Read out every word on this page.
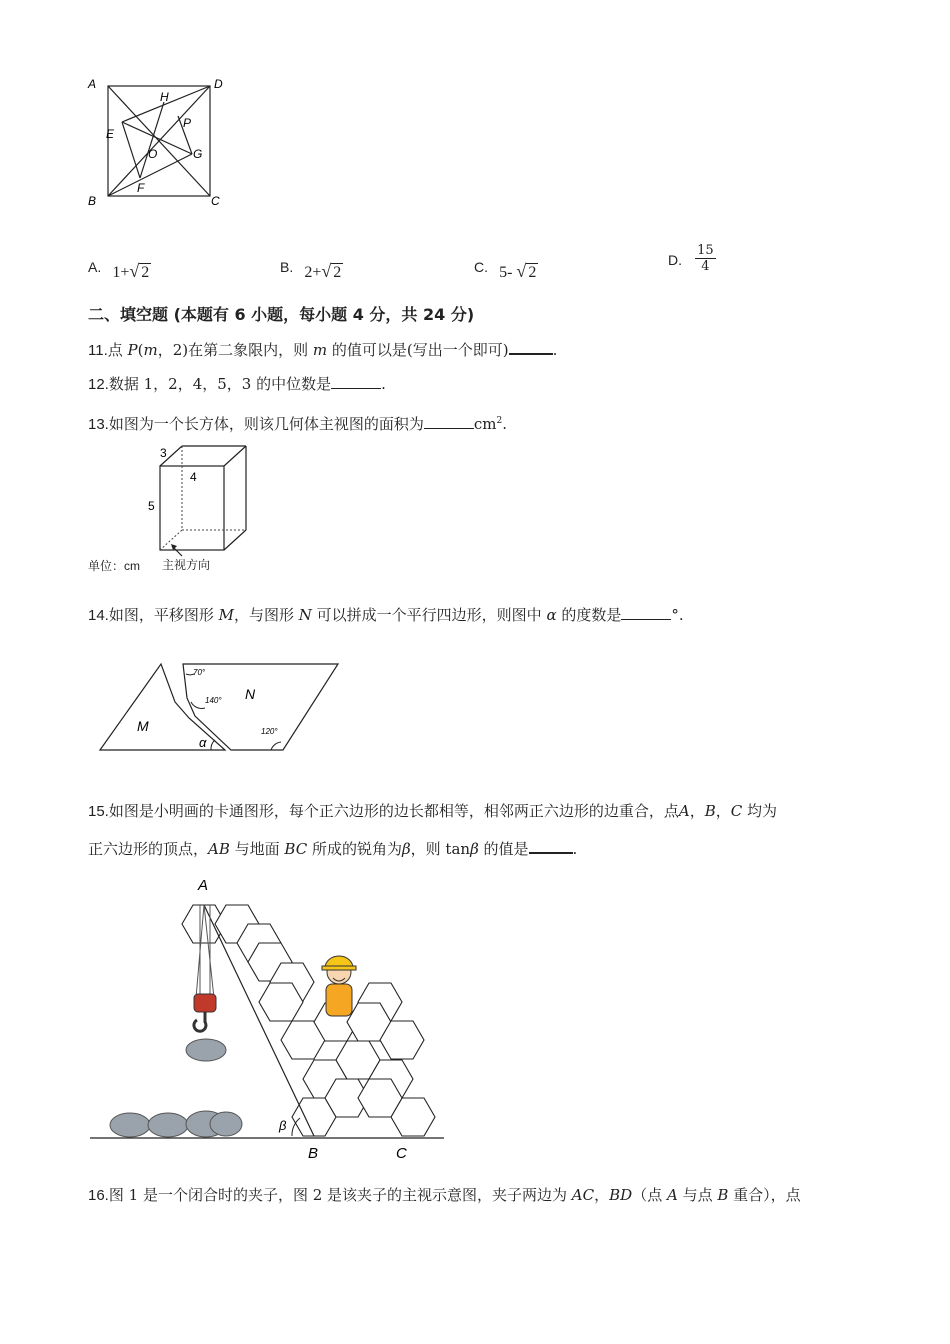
A	D
H
P
E
O	G
B
F
C
A. 1+√ 2	B. 2+√ 2	C. 5- √ 2
D. $\frac{15}{4}$
二、填空题 (本题有 6 小题，每小题 4 分，共 24 分)
11.点 P(m，2)在第二象限内，则 m 的值可以是(写出一个即可)	.
12.数据 1，2，4，5，3 的中位数是	.
13.如图为一个长方体，则该几何体主视图的面积为	$cm^2$.
3
4
5
单位：cm 主视方向
14.如图，平移图形 M，与图形 N 可以拼成一个平行四边形，则图中 α 的度数是	°.
70°
140°
120°
M
N
α
15.如图是小明画的卡通图形，每个正六边形的边长都相等，相邻两正六边形的边重合，点A，B，C 均为
正六边形的顶点，AB 与地面 BC 所成的锐角为β，则 tanβ 的值是	.
A
B	C
β
16.图 1 是一个闭合时的夹子，图 2 是该夹子的主视示意图，夹子两边为 AC，BD（点 A 与点 B 重合），点
